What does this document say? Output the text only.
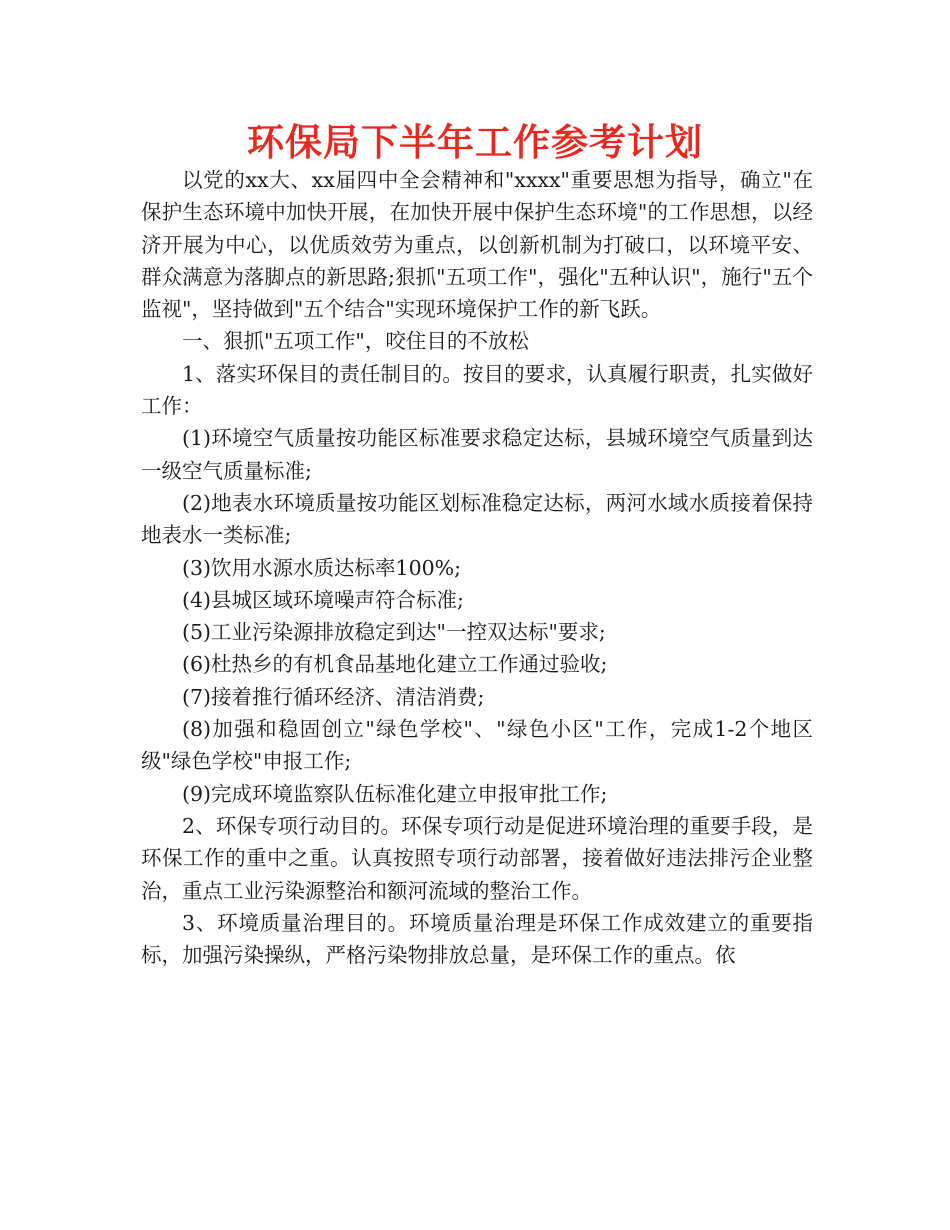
环保局下半年工作参考计划

以党的xx大、xx届四中全会精神和"xxxx"重要思想为指导，确立"在保护生态环境中加快开展，在加快开展中保护生态环境"的工作思想，以经济开展为中心，以优质效劳为重点，以创新机制为打破口，以环境平安、群众满意为落脚点的新思路;狠抓"五项工作"，强化"五种认识"，施行"五个监视"，坚持做到"五个结合"实现环境保护工作的新飞跃。

一、狠抓"五项工作"，咬住目的不放松

1、落实环保目的责任制目的。按目的要求，认真履行职责，扎实做好工作：

(1)环境空气质量按功能区标准要求稳定达标，县城环境空气质量到达一级空气质量标准;

(2)地表水环境质量按功能区划标准稳定达标，两河水域水质接着保持地表水一类标准;

(3)饮用水源水质达标率100%;

(4)县城区域环境噪声符合标准;

(5)工业污染源排放稳定到达"一控双达标"要求;

(6)杜热乡的有机食品基地化建立工作通过验收;

(7)接着推行循环经济、清洁消费;

(8)加强和稳固创立"绿色学校"、"绿色小区"工作，完成1-2个地区级"绿色学校"申报工作;

(9)完成环境监察队伍标准化建立申报审批工作;

2、环保专项行动目的。环保专项行动是促进环境治理的重要手段，是环保工作的重中之重。认真按照专项行动部署，接着做好违法排污企业整治，重点工业污染源整治和额河流域的整治工作。

3、环境质量治理目的。环境质量治理是环保工作成效建立的重要指标，加强污染操纵，严格污染物排放总量，是环保工作的重点。依
